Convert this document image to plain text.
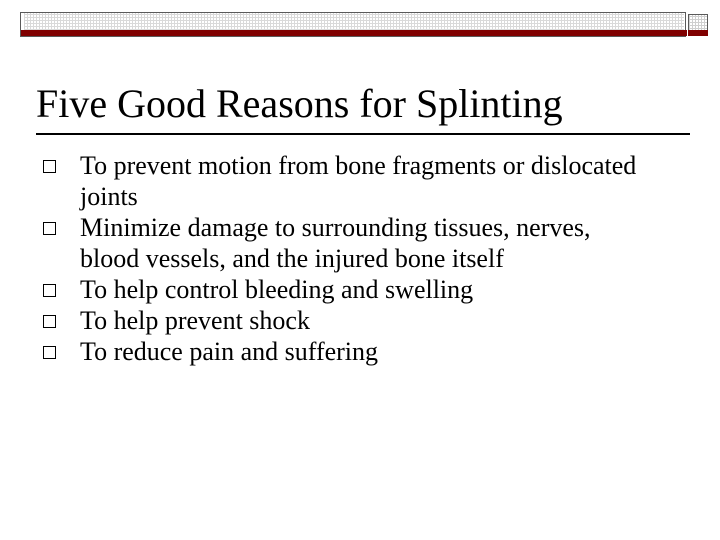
Five Good Reasons for Splinting
To prevent motion from bone fragments or dislocated joints
Minimize damage to surrounding tissues, nerves, blood vessels, and the injured bone itself
To help control bleeding and swelling
To help prevent shock
To reduce pain and suffering
